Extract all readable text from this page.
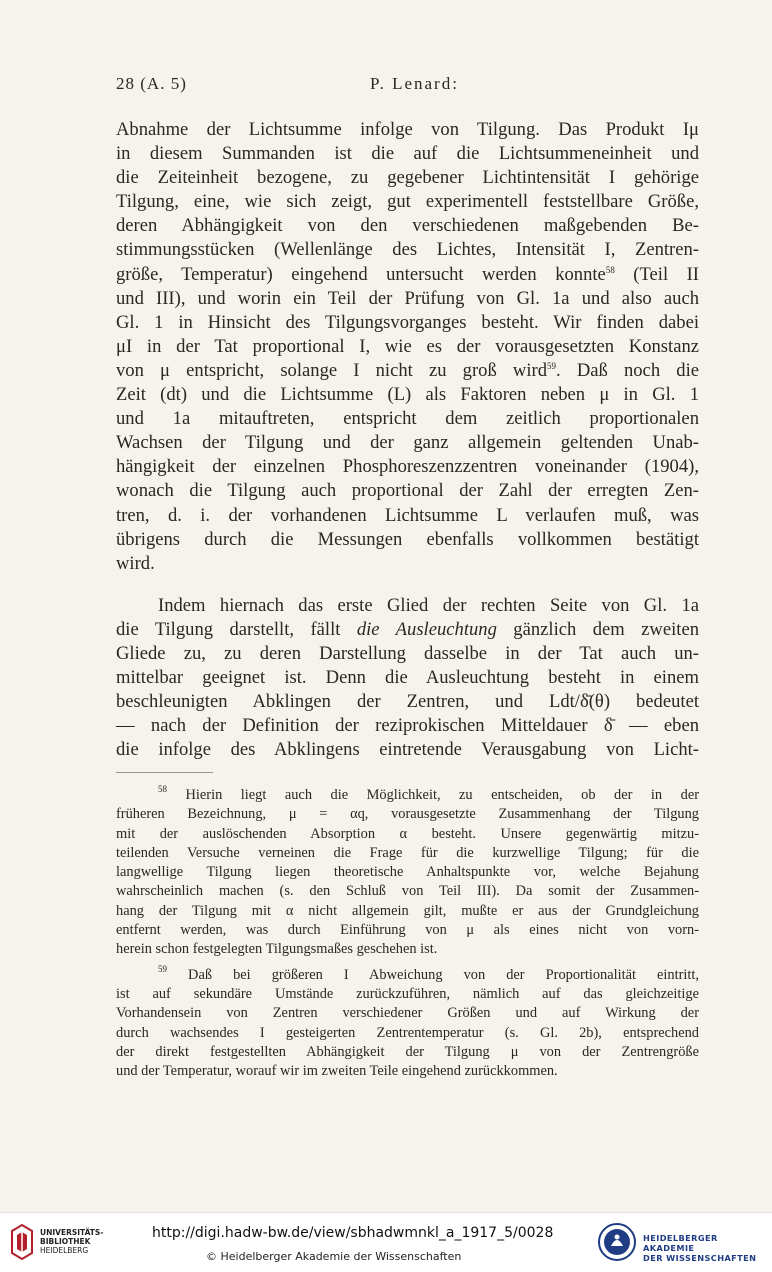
28 (A. 5)	P. Lenard:
Abnahme der Lichtsumme infolge von Tilgung. Das Produkt Iμ
in diesem Summanden ist die auf die Lichtsummeneinheit und
die Zeiteinheit bezogene, zu gegebener Lichtintensität I gehörige
Tilgung, eine, wie sich zeigt, gut experimentell feststellbare Größe,
deren Abhängigkeit von den verschiedenen maßgebenden Be-
stimmungsstücken (Wellenlänge des Lichtes, Intensität I, Zentren-
größe, Temperatur) eingehend untersucht werden konnte$^{58}$ (Teil II
und III), und worin ein Teil der Prüfung von Gl. 1a und also auch
Gl. 1 in Hinsicht des Tilgungsvorganges besteht. Wir finden dabei
μI in der Tat proportional I, wie es der vorausgesetzten Konstanz
von μ entspricht, solange I nicht zu groß wird$^{59}$. Daß noch die
Zeit (dt) und die Lichtsumme (L) als Faktoren neben μ in Gl. 1
und 1a mitauftreten, entspricht dem zeitlich proportionalen
Wachsen der Tilgung und der ganz allgemein geltenden Unab-
hängigkeit der einzelnen Phosphoreszenzzentren voneinander (1904),
wonach die Tilgung auch proportional der Zahl der erregten Zen-
tren, d. i. der vorhandenen Lichtsumme L verlaufen muß, was
übrigens durch die Messungen ebenfalls vollkommen bestätigt
wird.
Indem hiernach das erste Glied der rechten Seite von Gl. 1a
die Tilgung darstellt, fällt die Ausleuchtung gänzlich dem zweiten
Gliede zu, zu deren Darstellung dasselbe in der Tat auch un-
mittelbar geeignet ist. Denn die Ausleuchtung besteht in einem
beschleunigten Abklingen der Zentren, und Ldt/δ̄(θ) bedeutet
— nach der Definition der reziprokischen Mitteldauer δ̄ — eben
die infolge des Abklingens eintretende Verausgabung von Licht-
$^{58}$ Hierin liegt auch die Möglichkeit, zu entscheiden, ob der in der
früheren Bezeichnung, μ = αq, vorausgesetzte Zusammenhang der Tilgung
mit der auslöschenden Absorption α besteht. Unsere gegenwärtig mitzu-
teilenden Versuche verneinen die Frage für die kurzwellige Tilgung; für die
langwellige Tilgung liegen theoretische Anhaltspunkte vor, welche Bejahung
wahrscheinlich machen (s. den Schluß von Teil III). Da somit der Zusammen-
hang der Tilgung mit α nicht allgemein gilt, mußte er aus der Grundgleichung
entfernt werden, was durch Einführung von μ als eines nicht von vorn-
herein schon festgelegten Tilgungsmaßes geschehen ist.
$^{59}$ Daß bei größeren I Abweichung von der Proportionalität eintritt,
ist auf sekundäre Umstände zurückzuführen, nämlich auf das gleichzeitige
Vorhandensein von Zentren verschiedener Größen und auf Wirkung der
durch wachsendes I gesteigerten Zentrentemperatur (s. Gl. 2b), entsprechend
der direkt festgestellten Abhängigkeit der Tilgung μ von der Zentrengröße
und der Temperatur, worauf wir im zweiten Teile eingehend zurückkommen.
UNIVERSITÄTS-
BIBLIOTHEK
HEIDELBERG
http://digi.hadw-bw.de/view/sbhadwmnkl_a_1917_5/0028
© Heidelberger Akademie der Wissenschaften
HEIDELBERGER AKADEMIE
DER WISSENSCHAFTEN
